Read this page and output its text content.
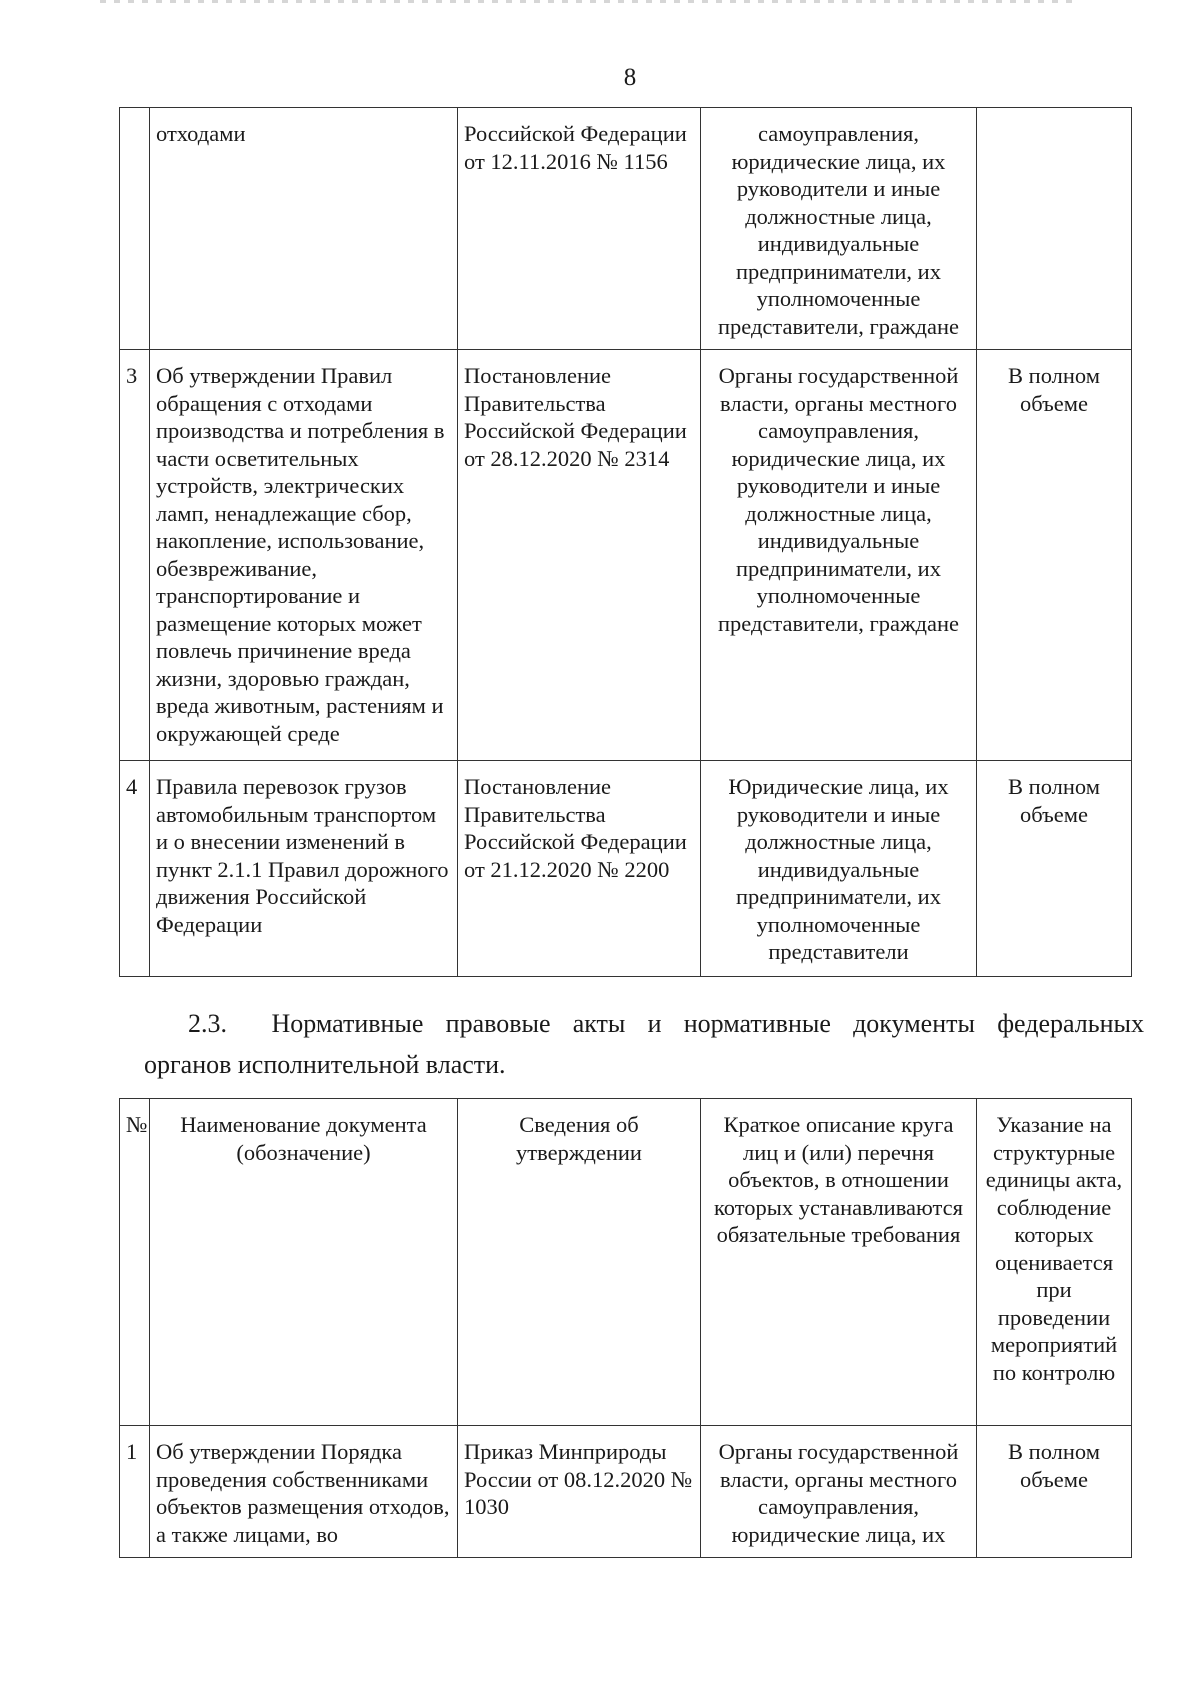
8
	отходами	Российской Федерации от 12.11.2016 № 1156	самоуправления, юридические лица, их руководители и иные должностные лица, индивидуальные предприниматели, их уполномоченные представители, граждане	
3	Об утверждении Правил обращения с отходами производства и потребления в части осветительных устройств, электрических ламп, ненадлежащие сбор, накопление, использование, обезвреживание, транспортирование и размещение которых может повлечь причинение вреда жизни, здоровью граждан, вреда животным, растениям и окружающей среде	Постановление Правительства Российской Федерации от 28.12.2020 № 2314	Органы государственной власти, органы местного самоуправления, юридические лица, их руководители и иные должностные лица, индивидуальные предприниматели, их уполномоченные представители, граждане	В полном объеме
4	Правила перевозок грузов автомобильным транспортом и о внесении изменений в пункт 2.1.1 Правил дорожного движения Российской Федерации	Постановление Правительства Российской Федерации от 21.12.2020 № 2200	Юридические лица, их руководители и иные должностные лица, индивидуальные предприниматели, их уполномоченные представители	В полном объеме
2.3. Нормативные правовые акты и нормативные документы федеральных
органов исполнительной власти.
№	Наименование документа (обозначение)	Сведения об утверждении	Краткое описание круга лиц и (или) перечня объектов, в отношении которых устанавливаются обязательные требования	Указание на структурные единицы акта, соблюдение которых оценивается при проведении мероприятий по контролю
1	Об утверждении Порядка проведения собственниками объектов размещения отходов, а также лицами, во	Приказ Минприроды России от 08.12.2020 № 1030	Органы государственной власти, органы местного самоуправления, юридические лица, их	В полном объеме
